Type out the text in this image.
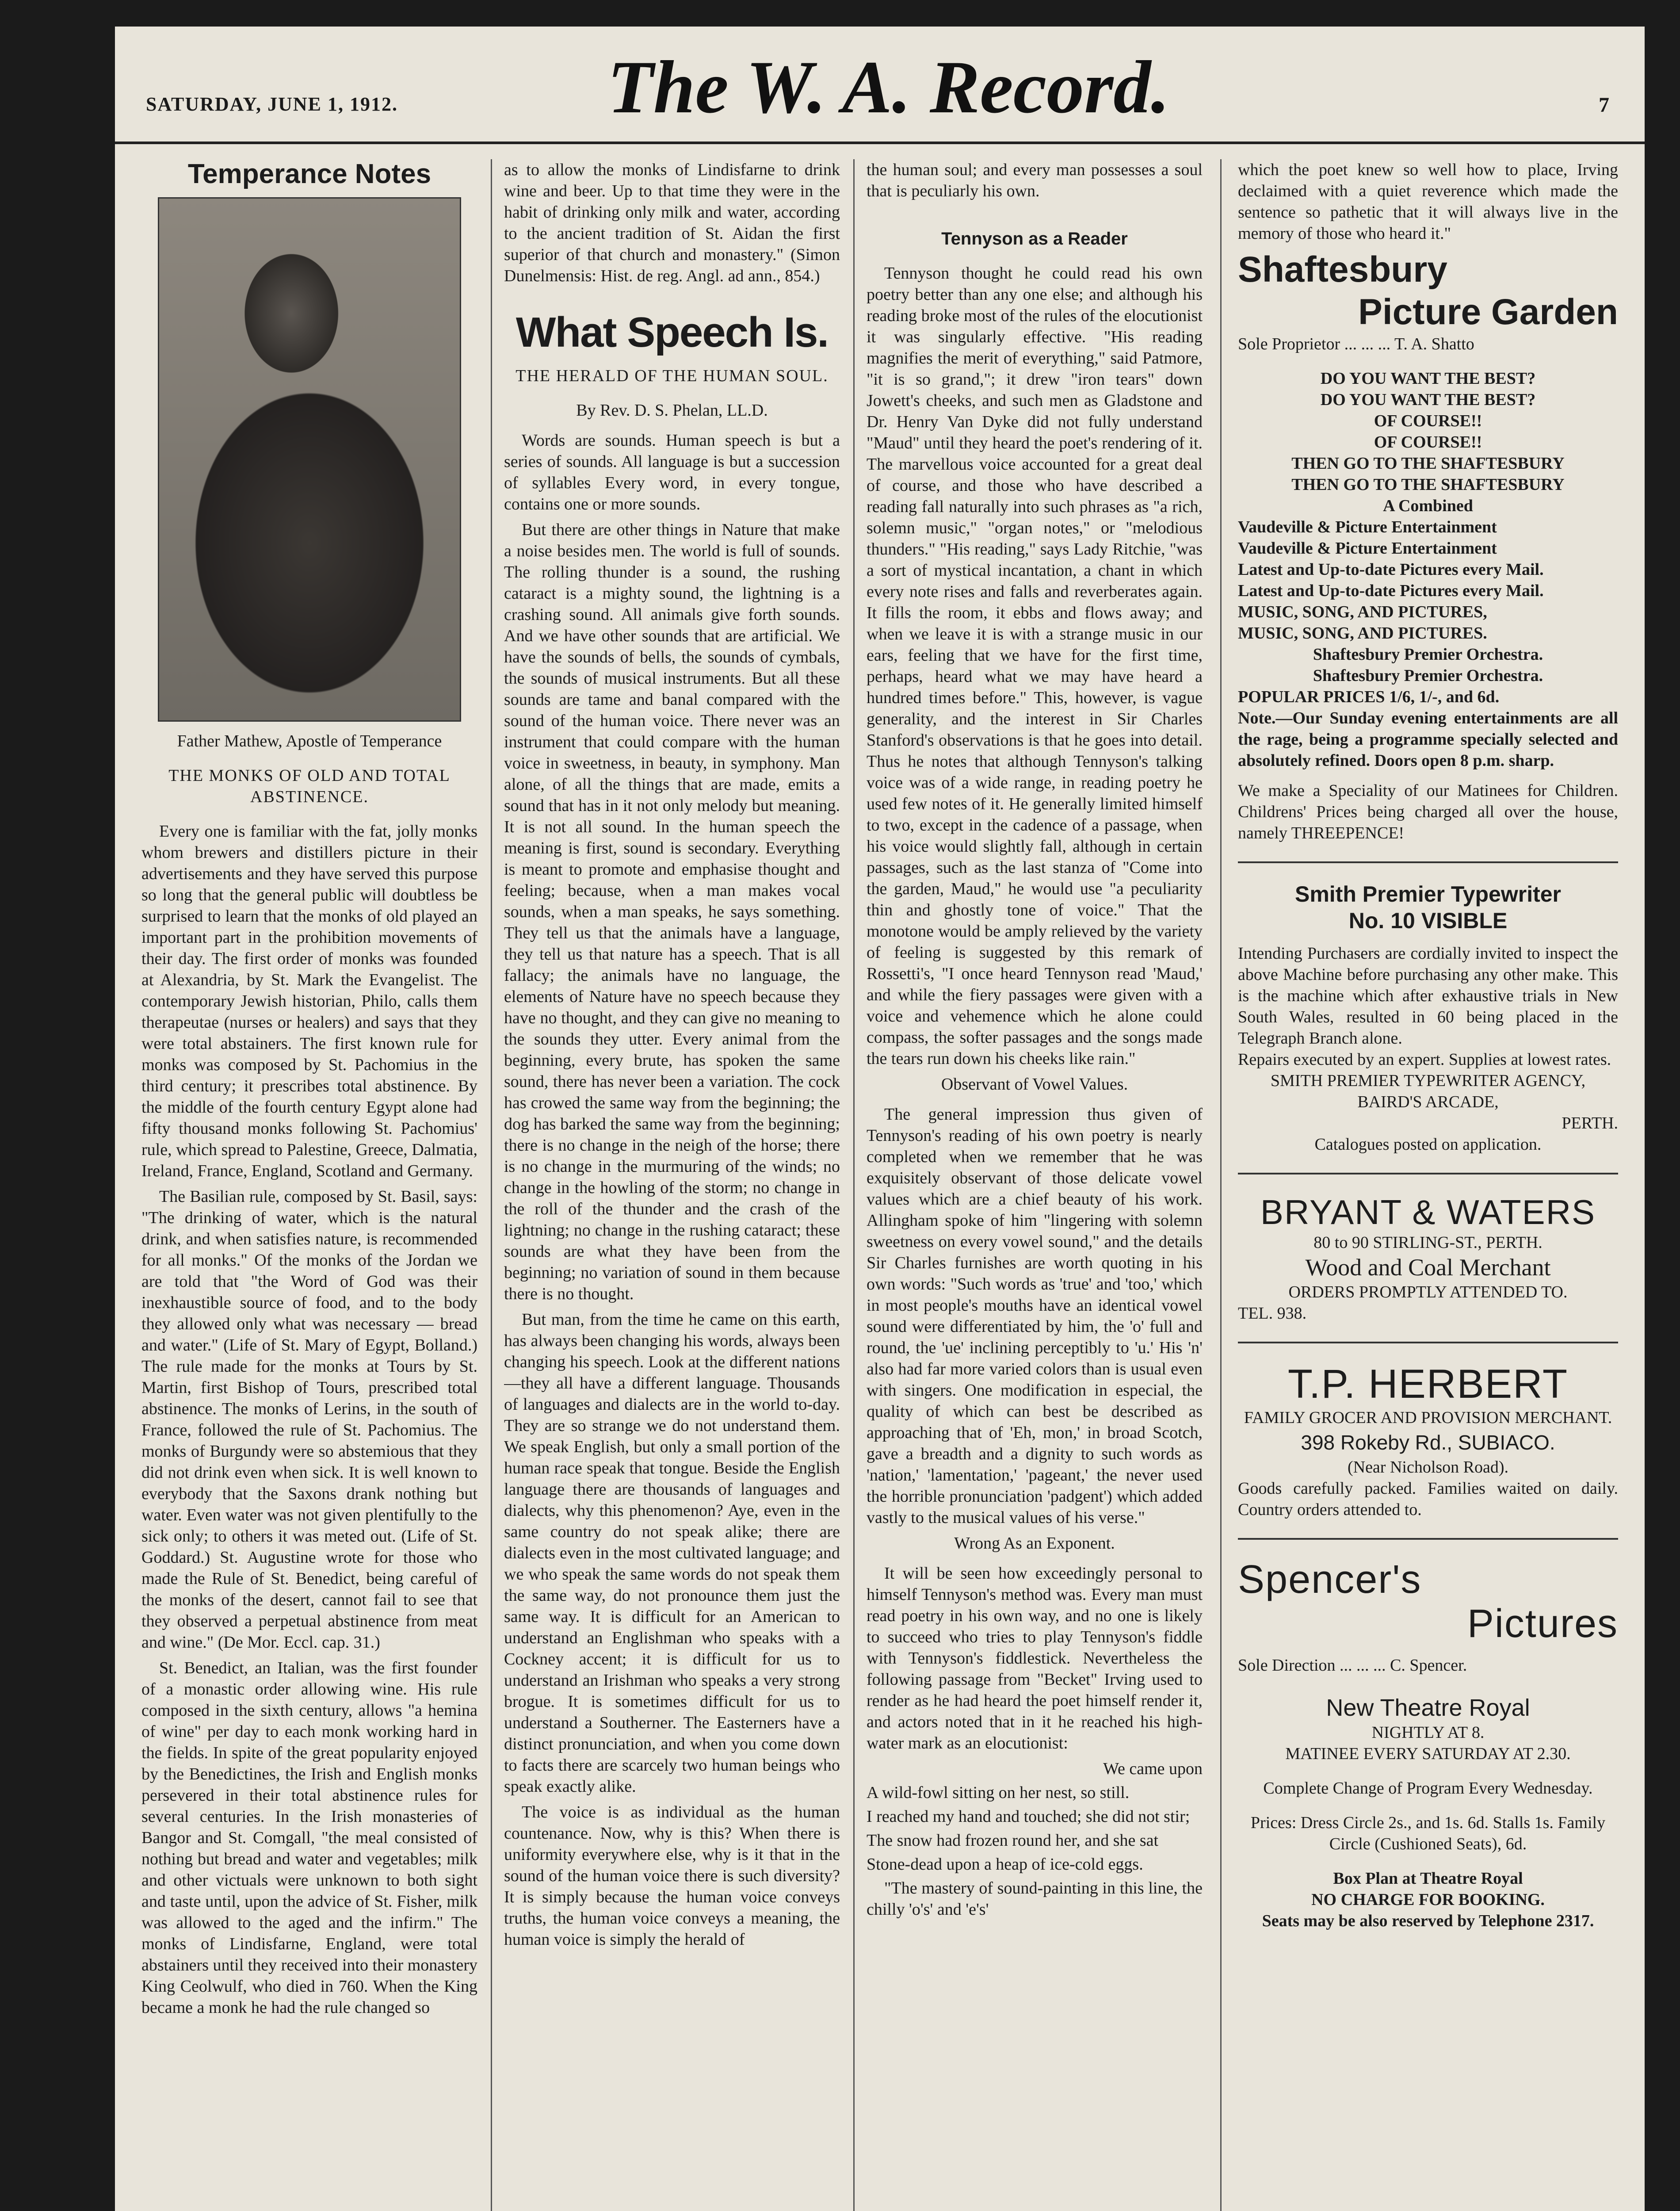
SATURDAY, JUNE 1, 1912.	The W. A. Record.	7
Temperance Notes
Father Mathew, Apostle of Temperance
THE MONKS OF OLD AND TOTAL ABSTINENCE.

Every one is familiar with the fat, jolly monks whom brewers and distillers picture in their advertisements and they have served this purpose so long that the general public will doubtless be surprised to learn that the monks of old played an important part in the prohibition movements of their day. The first order of monks was founded at Alexandria, by St. Mark the Evangelist. The contemporary Jewish historian, Philo, calls them therapeutae (nurses or healers) and says that they were total abstainers. The first known rule for monks was composed by St. Pachomius in the third century; it prescribes total abstinence. By the middle of the fourth century Egypt alone had fifty thousand monks following St. Pachomius' rule, which spread to Palestine, Greece, Dalmatia, Ireland, France, England, Scotland and Germany.

The Basilian rule, composed by St. Basil, says: "The drinking of water, which is the natural drink, and when satisfies nature, is recommended for all monks." Of the monks of the Jordan we are told that "the Word of God was their inexhaustible source of food, and to the body they allowed only what was necessary — bread and water." (Life of St. Mary of Egypt, Bolland.) The rule made for the monks at Tours by St. Martin, first Bishop of Tours, prescribed total abstinence. The monks of Lerins, in the south of France, followed the rule of St. Pachomius. The monks of Burgundy were so abstemious that they did not drink even when sick. It is well known to everybody that the Saxons drank nothing but water. Even water was not given plentifully to the sick only; to others it was meted out. (Life of St. Goddard.) St. Augustine wrote for those who made the Rule of St. Benedict, being careful of the monks of the desert, cannot fail to see that they observed a perpetual abstinence from meat and wine." (De Mor. Eccl. cap. 31.)

St. Benedict, an Italian, was the first founder of a monastic order allowing wine. His rule composed in the sixth century, allows "a hemina of wine" per day to each monk working hard in the fields. In spite of the great popularity enjoyed by the Benedictines, the Irish and English monks persevered in their total abstinence rules for several centuries. In the Irish monasteries of Bangor and St. Comgall, "the meal consisted of nothing but bread and water and vegetables; milk and other victuals were unknown to both sight and taste until, upon the advice of St. Fisher, milk was allowed to the aged and the infirm." The monks of Lindisfarne, England, were total abstainers until they received into their monastery King Ceolwulf, who died in 760. When the King became a monk he had the rule changed so

as to allow the monks of Lindisfarne to drink wine and beer. Up to that time they were in the habit of drinking only milk and water, according to the ancient tradition of St. Aidan the first superior of that church and monastery." (Simon Dunelmensis: Hist. de reg. Angl. ad ann., 854.)

What Speech Is.
THE HERALD OF THE HUMAN SOUL.
By Rev. D. S. Phelan, LL.D.

Words are sounds. Human speech is but a series of sounds. All language is but a succession of syllables Every word, in every tongue, contains one or more sounds.

But there are other things in Nature that make a noise besides men. The world is full of sounds. The rolling thunder is a sound, the rushing cataract is a mighty sound, the lightning is a crashing sound. All animals give forth sounds. And we have other sounds that are artificial. We have the sounds of bells, the sounds of cymbals, the sounds of musical instruments. But all these sounds are tame and banal compared with the sound of the human voice. There never was an instrument that could compare with the human voice in sweetness, in beauty, in symphony. Man alone, of all the things that are made, emits a sound that has in it not only melody but meaning. It is not all sound. In the human speech the meaning is first, sound is secondary. Everything is meant to promote and emphasise thought and feeling; because, when a man makes vocal sounds, when a man speaks, he says something. They tell us that the animals have a language, they tell us that nature has a speech. That is all fallacy; the animals have no language, the elements of Nature have no speech because they have no thought, and they can give no meaning to the sounds they utter. Every animal from the beginning, every brute, has spoken the same sound, there has never been a variation. The cock has crowed the same way from the beginning; the dog has barked the same way from the beginning; there is no change in the neigh of the horse; there is no change in the murmuring of the winds; no change in the howling of the storm; no change in the roll of the thunder and the crash of the lightning; no change in the rushing cataract; these sounds are what they have been from the beginning; no variation of sound in them because there is no thought.

But man, from the time he came on this earth, has always been changing his words, always been changing his speech. Look at the different nations—they all have a different language. Thousands of languages and dialects are in the world to-day. They are so strange we do not understand them. We speak English, but only a small portion of the human race speak that tongue. Beside the English language there are thousands of languages and dialects, why this phenomenon? Aye, even in the same country do not speak alike; there are dialects even in the most cultivated language; and we who speak the same words do not speak them the same way, do not pronounce them just the same way. It is difficult for an American to understand an Englishman who speaks with a Cockney accent; it is difficult for us to understand an Irishman who speaks a very strong brogue. It is sometimes difficult for us to understand a Southerner. The Easterners have a distinct pronunciation, and when you come down to facts there are scarcely two human beings who speak exactly alike.

The voice is as individual as the human countenance. Now, why is this? When there is uniformity everywhere else, why is it that in the sound of the human voice there is such diversity? It is simply because the human voice conveys truths, the human voice conveys a meaning, the human voice is simply the herald of

the human soul; and every man possesses a soul that is peculiarly his own.

Tennyson as a Reader

Tennyson thought he could read his own poetry better than any one else; and although his reading broke most of the rules of the elocutionist it was singularly effective. "His reading magnifies the merit of everything," said Patmore, "it is so grand,"; it drew "iron tears" down Jowett's cheeks, and such men as Gladstone and Dr. Henry Van Dyke did not fully understand "Maud" until they heard the poet's rendering of it. The marvellous voice accounted for a great deal of course, and those who have described a reading fall naturally into such phrases as "a rich, solemn music," "organ notes," or "melodious thunders." "His reading," says Lady Ritchie, "was a sort of mystical incantation, a chant in which every note rises and falls and reverberates again. It fills the room, it ebbs and flows away; and when we leave it is with a strange music in our ears, feeling that we have for the first time, perhaps, heard what we may have heard a hundred times before." This, however, is vague generality, and the interest in Sir Charles Stanford's observations is that he goes into detail. Thus he notes that although Tennyson's talking voice was of a wide range, in reading poetry he used few notes of it. He generally limited himself to two, except in the cadence of a passage, when his voice would slightly fall, although in certain passages, such as the last stanza of "Come into the garden, Maud," he would use "a peculiarity thin and ghostly tone of voice." That the monotone would be amply relieved by the variety of feeling is suggested by this remark of Rossetti's, "I once heard Tennyson read 'Maud,' and while the fiery passages were given with a voice and vehemence which he alone could compass, the softer passages and the songs made the tears run down his cheeks like rain."

Observant of Vowel Values.

The general impression thus given of Tennyson's reading of his own poetry is nearly completed when we remember that he was exquisitely observant of those delicate vowel values which are a chief beauty of his work. Allingham spoke of him "lingering with solemn sweetness on every vowel sound," and the details Sir Charles furnishes are worth quoting in his own words: "Such words as 'true' and 'too,' which in most people's mouths have an identical vowel sound were differentiated by him, the 'o' full and round, the 'ue' inclining perceptibly to 'u.' His 'n' also had far more varied colors than is usual even with singers. One modification in especial, the quality of which can best be described as approaching that of 'Eh, mon,' in broad Scotch, gave a breadth and a dignity to such words as 'nation,' 'lamentation,' 'pageant,' the never used the horrible pronunciation 'padgent') which added vastly to the musical values of his verse."

Wrong As an Exponent.

It will be seen how exceedingly personal to himself Tennyson's method was. Every man must read poetry in his own way, and no one is likely to succeed who tries to play Tennyson's fiddle with Tennyson's fiddlestick. Nevertheless the following passage from "Becket" Irving used to render as he had heard the poet himself render it, and actors noted that in it he reached his high-water mark as an elocutionist:

We came upon
A wild-fowl sitting on her nest, so still.
I reached my hand and touched; she did not stir;
The snow had frozen round her, and she sat
Stone-dead upon a heap of ice-cold eggs.

"The mastery of sound-painting in this line, the chilly 'o's' and 'e's'

which the poet knew so well how to place, Irving declaimed with a quiet reverence which made the sentence so pathetic that it will always live in the memory of those who heard it."

Shaftesbury
Picture Garden
Sole Proprietor ... ... ... T. A. Shatto
DO YOU WANT THE BEST?
DO YOU WANT THE BEST?
OF COURSE!!
OF COURSE!!
THEN GO TO THE SHAFTESBURY
THEN GO TO THE SHAFTESBURY
A Combined
Vaudeville & Picture Entertainment
Vaudeville & Picture Entertainment
Latest and Up-to-date Pictures every Mail.
Latest and Up-to-date Pictures every Mail.
MUSIC, SONG, AND PICTURES,
MUSIC, SONG, AND PICTURES.
Shaftesbury Premier Orchestra.
Shaftesbury Premier Orchestra.
POPULAR PRICES 1/6, 1/-, and 6d.
Note.—Our Sunday evening entertainments are all the rage, being a programme specially selected and absolutely refined. Doors open 8 p.m. sharp.
We make a Speciality of our Matinees for Children. Childrens' Prices being charged all over the house, namely THREEPENCE!
Smith Premier Typewriter
No. 10 VISIBLE
Intending Purchasers are cordially invited to inspect the above Machine before purchasing any other make. This is the machine which after exhaustive trials in New South Wales, resulted in 60 being placed in the Telegraph Branch alone.
Repairs executed by an expert. Supplies at lowest rates.
SMITH PREMIER TYPEWRITER AGENCY,
BAIRD'S ARCADE,
PERTH.
Catalogues posted on application.
BRYANT & WATERS
80 to 90 STIRLING-ST., PERTH.
Wood and Coal Merchant
ORDERS PROMPTLY ATTENDED TO.
TEL. 938.
T.P. HERBERT
FAMILY GROCER AND PROVISION MERCHANT.
398 Rokeby Rd., SUBIACO.
(Near Nicholson Road).
Goods carefully packed. Families waited on daily. Country orders attended to.
Spencer's
Pictures
Sole Direction ... ... ... C. Spencer.
New Theatre Royal
NIGHTLY AT 8.
MATINEE EVERY SATURDAY AT 2.30.
Complete Change of Program Every Wednesday.
Prices: Dress Circle 2s., and 1s. 6d. Stalls 1s. Family Circle (Cushioned Seats), 6d.
Box Plan at Theatre Royal
NO CHARGE FOR BOOKING.
Seats may be also reserved by Telephone 2317.
